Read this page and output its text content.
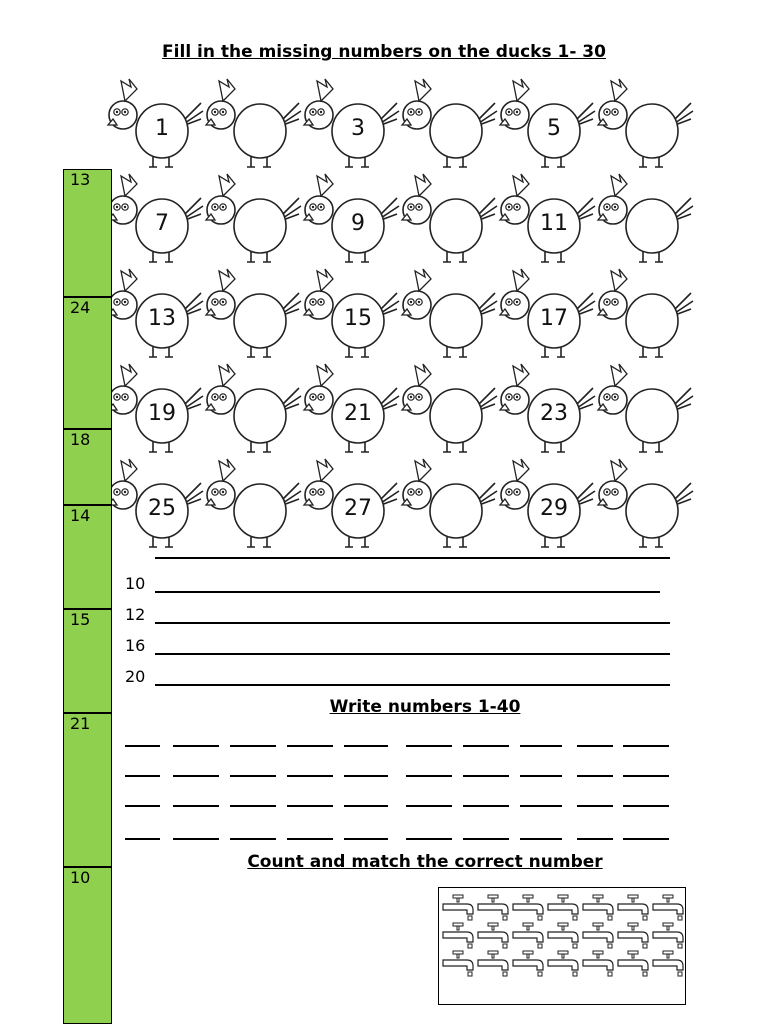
Fill in the missing numbers on the ducks 1- 30
1	3	5
7	9	11
13	15	17
19	21	23
25	27	29
13
24
18
14
15
21
10
10
12
16
20
Write numbers 1-40
Count and match the correct number
